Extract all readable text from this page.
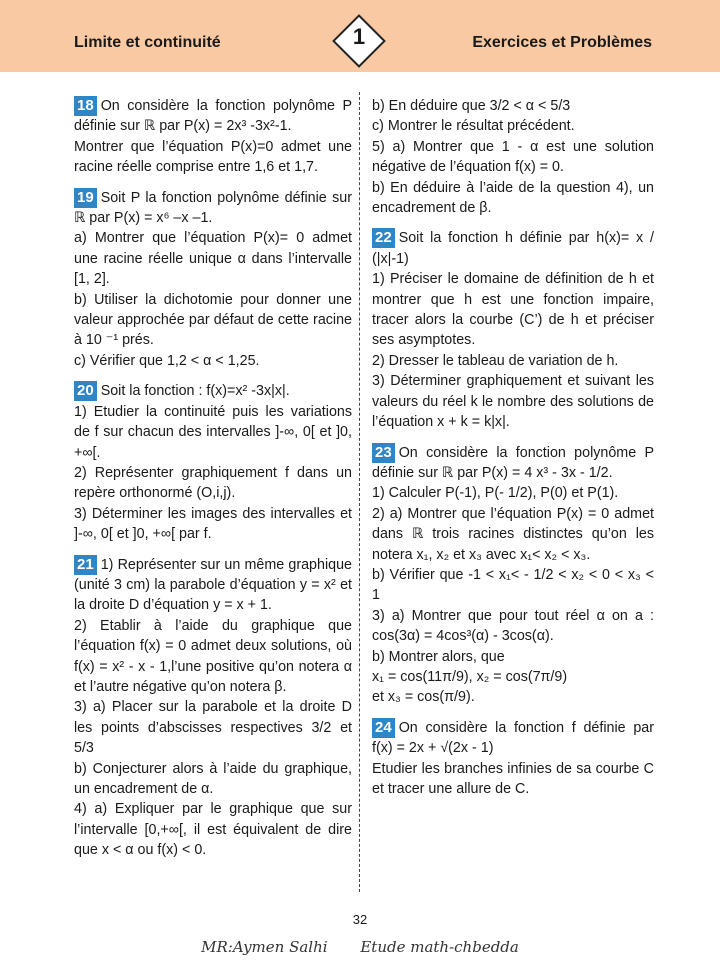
Limite et continuité	1	Exercices et Problèmes

18 On considère la fonction polynôme P définie sur ℝ par P(x) = 2x³ -3x²-1.

Montrer que l’équation P(x)=0 admet une racine réelle comprise entre 1,6 et 1,7.

19 Soit P la fonction polynôme définie sur ℝ par P(x) = x⁶ –x –1.

a) Montrer que l’équation P(x)= 0 admet une racine réelle unique α dans l’intervalle [1, 2].

b) Utiliser la dichotomie pour donner une valeur approchée par défaut de cette racine à 10 ⁻¹ prés.

c) Vérifier que 1,2 < α < 1,25.

20 Soit la fonction : f(x)=x² -3x|x|.

1) Etudier la continuité puis les variations de f sur chacun des intervalles ]-∞, 0[ et ]0, +∞[.

2) Représenter graphiquement f dans un repère orthonormé (O,i,j).

3) Déterminer les images des intervalles et ]-∞, 0[ et ]0, +∞[ par f.

21 1) Représenter sur un même graphique (unité 3 cm) la parabole d’équation y = x² et la droite D d’équation y = x + 1.

2) Etablir à l’aide du graphique que l’équation f(x) = 0 admet deux solutions, où f(x) = x² - x - 1,l’une positive qu’on notera α et l’autre négative qu’on notera β.

3) a) Placer sur la parabole et la droite D les points d’abscisses respectives 3/2 et 5/3

b) Conjecturer alors à l’aide du graphique, un encadrement de α.

4) a) Expliquer par le graphique que sur l’intervalle [0,+∞[, il est équivalent de dire que x < α ou f(x) < 0.

b) En déduire que 3/2 < α < 5/3

c) Montrer le résultat précédent.

5) a) Montrer que 1 - α est une solution négative de l’équation f(x) = 0.

b) En déduire à l’aide de la question 4), un encadrement de β.

22 Soit la fonction h définie par h(x)= x / (|x|-1)

1) Préciser le domaine de définition de h et montrer que h est une fonction impaire, tracer alors la courbe (C’) de h et préciser ses asymptotes.

2) Dresser le tableau de variation de h.

3) Déterminer graphiquement et suivant les valeurs du réel k le nombre des solutions de l’équation x + k = k|x|.

23 On considère la fonction polynôme P définie sur ℝ par P(x) = 4 x³ - 3x - 1/2.

1) Calculer P(-1), P(- 1/2), P(0) et P(1).

2) a) Montrer que l’équation P(x) = 0 admet dans ℝ trois racines distinctes qu’on les notera x₁, x₂ et x₃ avec x₁< x₂ < x₃.

b) Vérifier que -1 < x₁< - 1/2 < x₂ < 0 < x₃ < 1

3) a) Montrer que pour tout réel α on a : cos(3α) = 4cos³(α) - 3cos(α).

b) Montrer alors, que

x₁ = cos(11π/9), x₂ = cos(7π/9)

et x₃ = cos(π/9).

24 On considère la fonction f définie par f(x) = 2x + √(2x - 1)

Etudier les branches infinies de sa courbe C et tracer une allure de C.

32
MR:Aymen Salhi Etude math-chbedda
